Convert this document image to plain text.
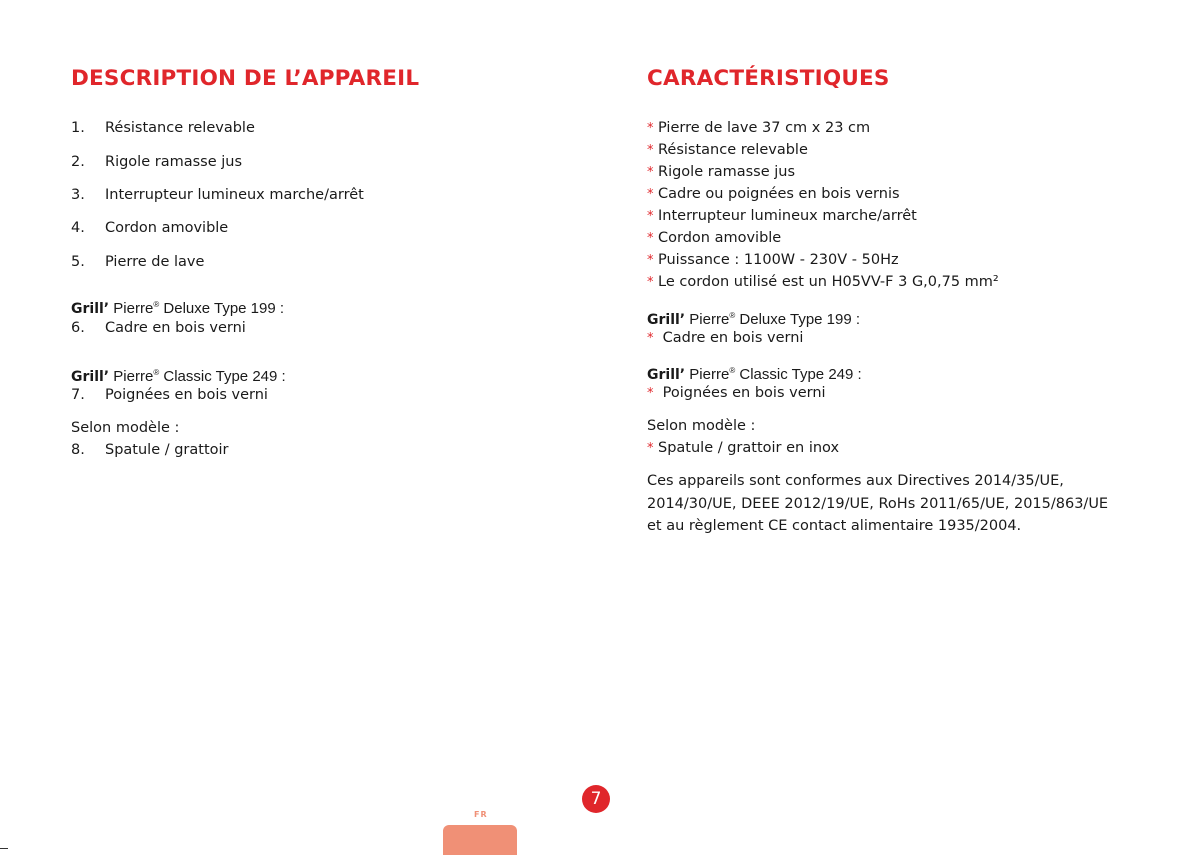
DESCRIPTION DE L’APPAREIL
1. Résistance relevable
2. Rigole ramasse jus
3. Interrupteur lumineux marche/arrêt
4. Cordon amovible
5. Pierre de lave
Grill’ Pierre® Deluxe Type 199 :
6. Cadre en bois verni
Grill’ Pierre® Classic Type 249 :
7. Poignées en bois verni
Selon modèle :
8. Spatule / grattoir
CARACTÉRISTIQUES
* Pierre de lave 37 cm x 23 cm
* Résistance relevable
* Rigole ramasse jus
* Cadre ou poignées en bois vernis
* Interrupteur lumineux marche/arrêt
* Cordon amovible
* Puissance : 1100W - 230V - 50Hz
* Le cordon utilisé est un H05VV-F 3 G,0,75 mm²
Grill’ Pierre® Deluxe Type 199 :
* Cadre en bois verni
Grill’ Pierre® Classic Type 249 :
* Poignées en bois verni
Selon modèle :
* Spatule / grattoir en inox
Ces appareils sont conformes aux Directives 2014/35/UE, 2014/30/UE, DEEE 2012/19/UE, RoHs 2011/65/UE, 2015/863/UE et au règlement CE contact alimentaire 1935/2004.
7
FR
